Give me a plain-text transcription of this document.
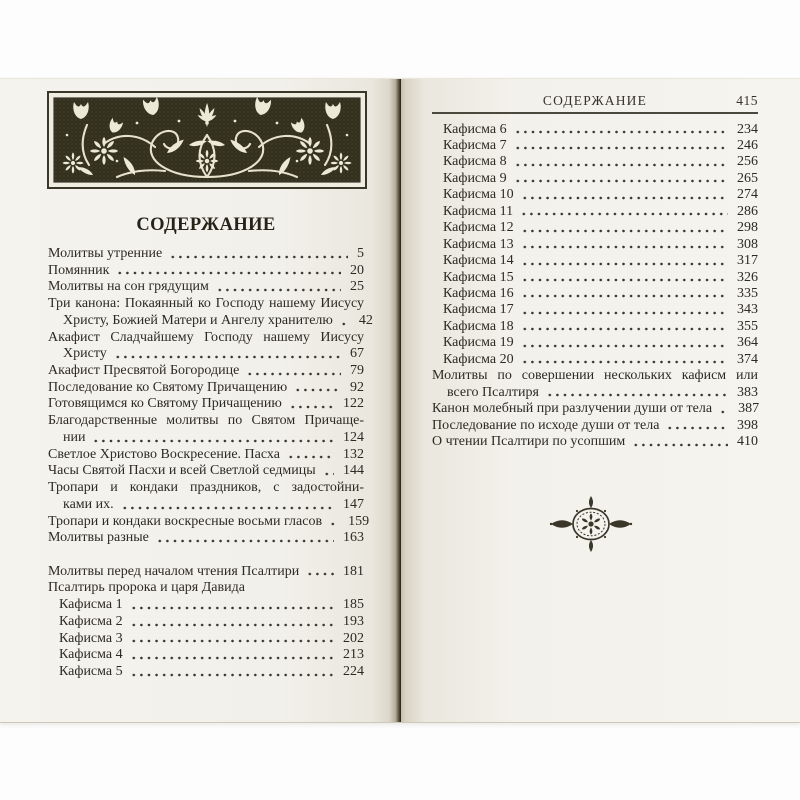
СОДЕРЖАНИЕ
Молитвы утренние	5
Помянник	20
Молитвы на сон грядущим	25
Три канона: Покаянный ко Господу нашему Иисусу
Христу, Божией Матери и Ангелу хранителю 42
Акафист Сладчайшему Господу нашему Иисусу
Христу	67
Акафист Пресвятой Богородице	79
Последование ко Святому Причащению	92
Готовящимся ко Святому Причащению	122
Благодарственные молитвы по Святом Причаще-
нии	124
Светлое Христово Воскресение. Пасха	132
Часы Святой Пасхи и всей Светлой седмицы 144
Тропари и кондаки праздников, с задостойни-
ками их.	147
Тропари и кондаки воскресные восьми гласов 159
Молитвы разные	163
Молитвы перед началом чтения Псалтири	181
Псалтирь пророка и царя Давида
Кафисма 1	185
Кафисма 2	193
Кафисма 3	202
Кафисма 4	213
Кафисма 5	224
СОДЕРЖАНИЕ	415
Кафисма 6	234
Кафисма 7	246
Кафисма 8	256
Кафисма 9	265
Кафисма 10	274
Кафисма 11	286
Кафисма 12	298
Кафисма 13	308
Кафисма 14	317
Кафисма 15	326
Кафисма 16	335
Кафисма 17	343
Кафисма 18	355
Кафисма 19	364
Кафисма 20	374
Молитвы по совершении нескольких кафисм или
всего Псалтиря	383
Канон молебный при разлучении души от тела 387
Последование по исходе души от тела	398
О чтении Псалтири по усопшим	410
